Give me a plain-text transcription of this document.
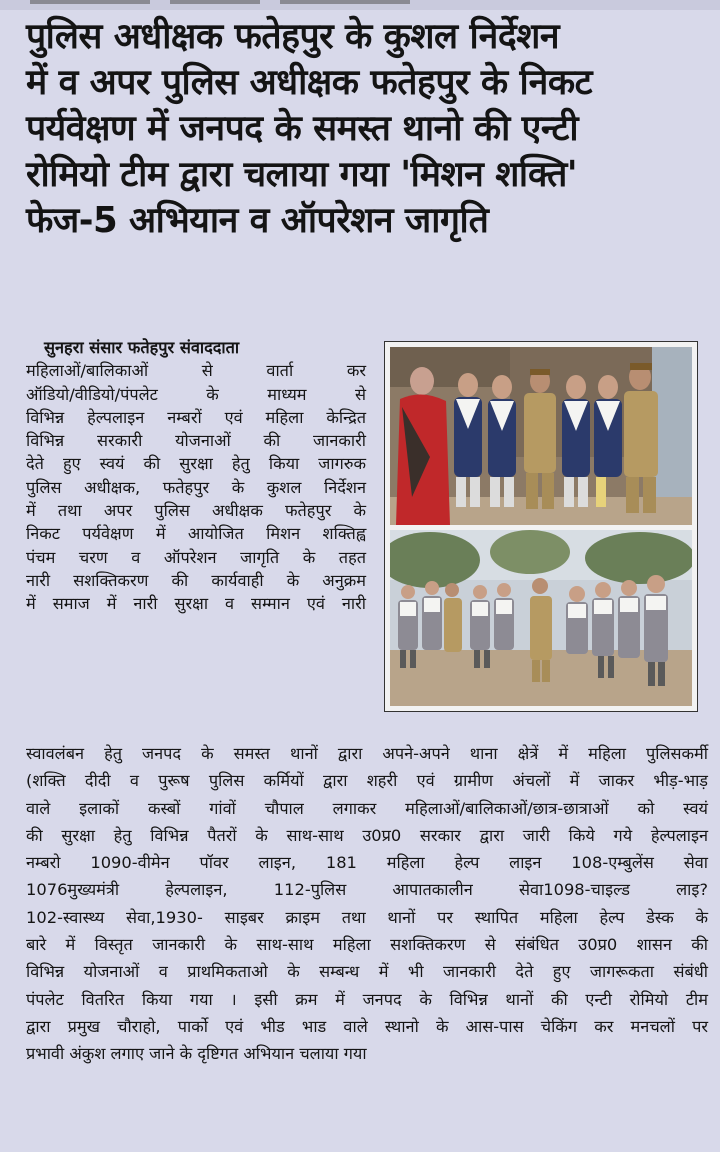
पुलिस अधीक्षक फतेहपुर के कुशल निर्देशन
में व अपर पुलिस अधीक्षक फतेहपुर के निकट
पर्यवेक्षण में जनपद के समस्त थानो की एन्टी
रोमियो टीम द्वारा चलाया गया 'मिशन शक्ति'
फेज-5 अभियान व ऑपरेशन जागृति

सुनहरा संसार फतेहपुर संवाददाता
महिलाओं/बालिकाओं से वार्ता कर
ऑडियो/वीडियो/पंपलेट के माध्यम से
विभिन्न हेल्पलाइन नम्बरों एवं महिला केन्द्रित
विभिन्न सरकारी योजनाओं की जानकारी
देते हुए स्वयं की सुरक्षा हेतु किया जागरुक
पुलिस अधीक्षक, फतेहपुर के कुशल निर्देशन
में तथा अपर पुलिस अधीक्षक फतेहपुर के
निकट पर्यवेक्षण में आयोजित मिशन शक्तिह्व
पंचम चरण व ऑपरेशन जागृति के तहत
नारी सशक्तिकरण की कार्यवाही के अनुक्रम
में समाज में नारी सुरक्षा व सम्मान एवं नारी

स्वावलंबन हेतु जनपद के समस्त थानों द्वारा अपने-अपने थाना क्षेत्रें में महिला पुलिसकर्मी
(शक्ति दीदी व पुरूष पुलिस कर्मियों द्वारा शहरी एवं ग्रामीण अंचलों में जाकर भीड़-भाड़
वाले इलाकों कस्बों गांवों चौपाल लगाकर महिलाओं/बालिकाओं/छात्र-छात्राओं को स्वयं
की सुरक्षा हेतु विभिन्न पैतरों के साथ-साथ उ0प्र0 सरकार द्वारा जारी किये गये हेल्पलाइन
नम्बरो 1090-वीमेन पॉवर लाइन, 181 महिला हेल्प लाइन 108-एम्बुलेंस सेवा
1076मुख्यमंत्री हेल्पलाइन, 112-पुलिस आपातकालीन सेवा1098-चाइल्ड लाइ?
102-स्वास्थ्य सेवा,1930- साइबर क्राइम तथा थानों पर स्थापित महिला हेल्प डेस्क के
बारे में विस्तृत जानकारी के साथ-साथ महिला सशक्तिकरण से संबंधित उ0प्र0 शासन की
विभिन्न योजनाओं व प्राथमिकताओ के सम्बन्ध में भी जानकारी देते हुए जागरूकता संबंधी
पंपलेट वितरित किया गया । इसी क्रम में जनपद के विभिन्न थानों की एन्टी रोमियो टीम
द्वारा प्रमुख चौराहो, पार्को एवं भीड भाड वाले स्थानो के आस-पास चेकिंग कर मनचलों पर
प्रभावी अंकुश लगाए जाने के दृष्टिगत अभियान चलाया गया
